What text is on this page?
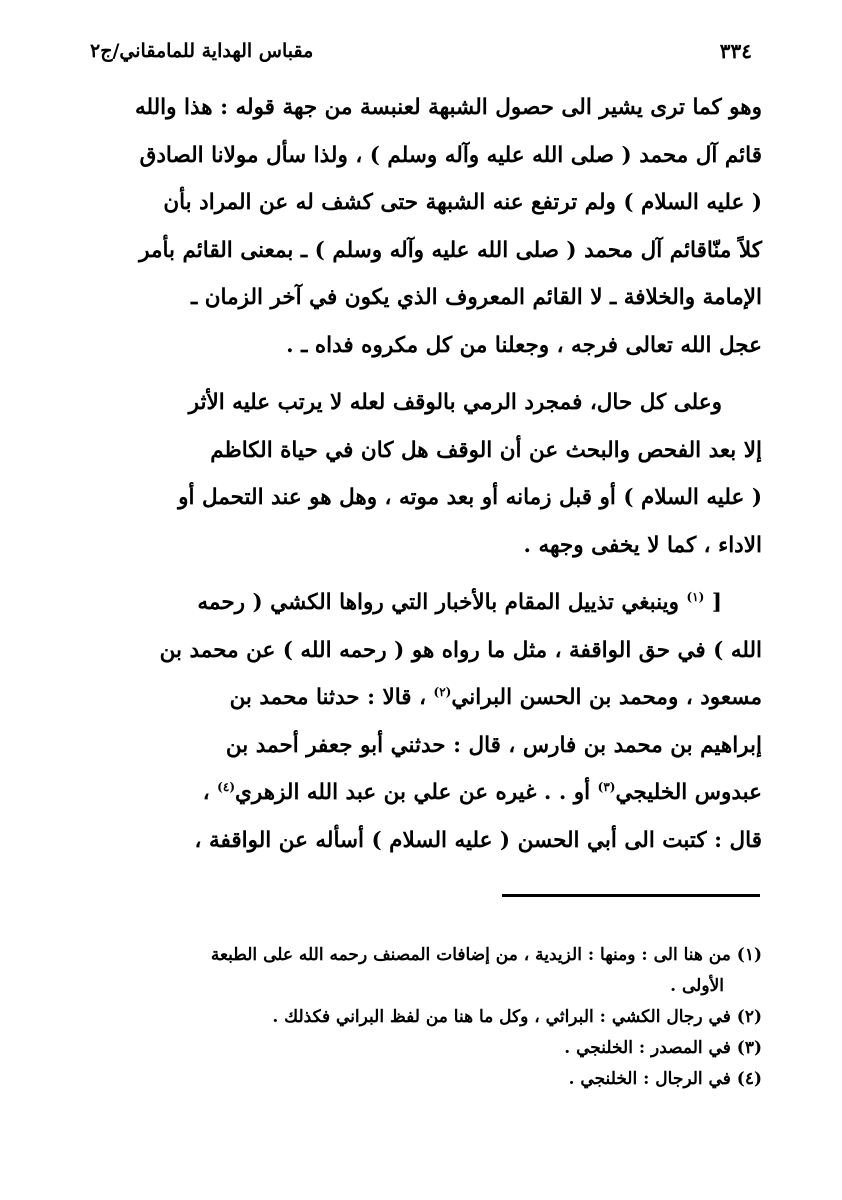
٣٣٤
مقباس الهداية للمامقاني/ج٢

وهو كما ترى يشير الى حصول الشبهة لعنبسة من جهة قوله : هذا والله

قائم آل محمد ( صلى الله عليه وآله وسلم ) ، ولذا سأل مولانا الصادق

( عليه السلام ) ولم ترتفع عنه الشبهة حتى كشف له عن المراد بأن

كلاً منّاقائم آل محمد ( صلى الله عليه وآله وسلم ) ـ بمعنى القائم بأمر

الإمامة والخلافة ـ لا القائم المعروف الذي يكون في آخر الزمان ـ

عجل الله تعالى فرجه ، وجعلنا من كل مكروه فداه ـ .

وعلى كل حال، فمجرد الرمي بالوقف لعله لا يرتب عليه الأثر

إلا بعد الفحص والبحث عن أن الوقف هل كان في حياة الكاظم

( عليه السلام ) أو قبل زمانه أو بعد موته ، وهل هو عند التحمل أو

الاداء ، كما لا يخفى وجهه .

[ $^{(١)}$ وينبغي تذييل المقام بالأخبار التي رواها الكشي ( رحمه

الله ) في حق الواقفة ، مثل ما رواه هو ( رحمه الله ) عن محمد بن

مسعود ، ومحمد بن الحسن البراني$^{(٢)}$ ، قالا : حدثنا محمد بن

إبراهيم بن محمد بن فارس ، قال : حدثني أبو جعفر أحمد بن

عبدوس الخليجي$^{(٣)}$ أو . . غيره عن علي بن عبد الله الزهري$^{(٤)}$ ،

قال : كتبت الى أبي الحسن ( عليه السلام ) أسأله عن الواقفة ،

(١) من هنا الى : ومنها : الزيدية ، من إضافات المصنف رحمه الله على الطبعة
الأولى .

(٢) في رجال الكشي : البراثي ، وكل ما هنا من لفظ البراني فكذلك .

(٣) في المصدر : الخلنجي .

(٤) في الرجال : الخلنجي .
